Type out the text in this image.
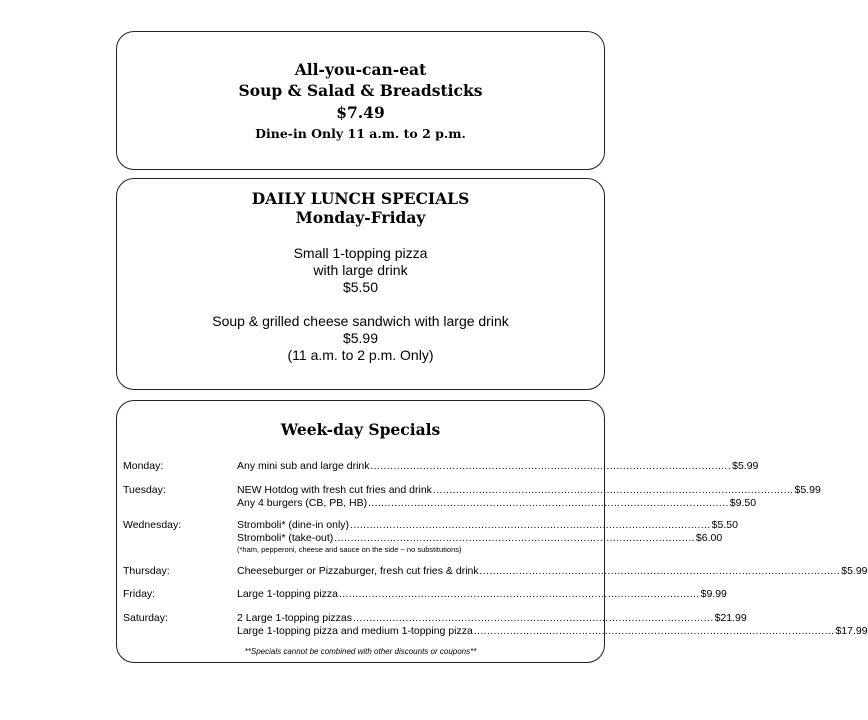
All-you-can-eat
Soup & Salad & Breadsticks
$7.49
Dine-in Only 11 a.m. to 2 p.m.
DAILY LUNCH SPECIALS
Monday-Friday
Small 1-topping pizza
with large drink
$5.50
Soup & grilled cheese sandwich with large drink
$5.99
(11 a.m. to 2 p.m. Only)
Week-day Specials
Monday:	Any mini sub and large drink .............................................................................................................. $5.99
Tuesday:	NEW Hotdog with fresh cut fries and drink .............................................................................................................. $5.99
Any 4 burgers (CB, PB, HB) .............................................................................................................. $9.50
Wednesday:	Stromboli* (dine-in only) .............................................................................................................. $5.50
Stromboli* (take-out) .............................................................................................................. $6.00
(*ham, pepperoni, cheese and sauce on the side ~ no substitutions)
Thursday:	Cheeseburger or Pizzaburger, fresh cut fries & drink .............................................................................................................. $5.99
Friday:	Large 1-topping pizza .............................................................................................................. $9.99
Saturday:	2 Large 1-topping pizzas .............................................................................................................. $21.99
Large 1-topping pizza and medium 1-topping pizza .............................................................................................................. $17.99
**Specials cannot be combined with other discounts or coupons**
